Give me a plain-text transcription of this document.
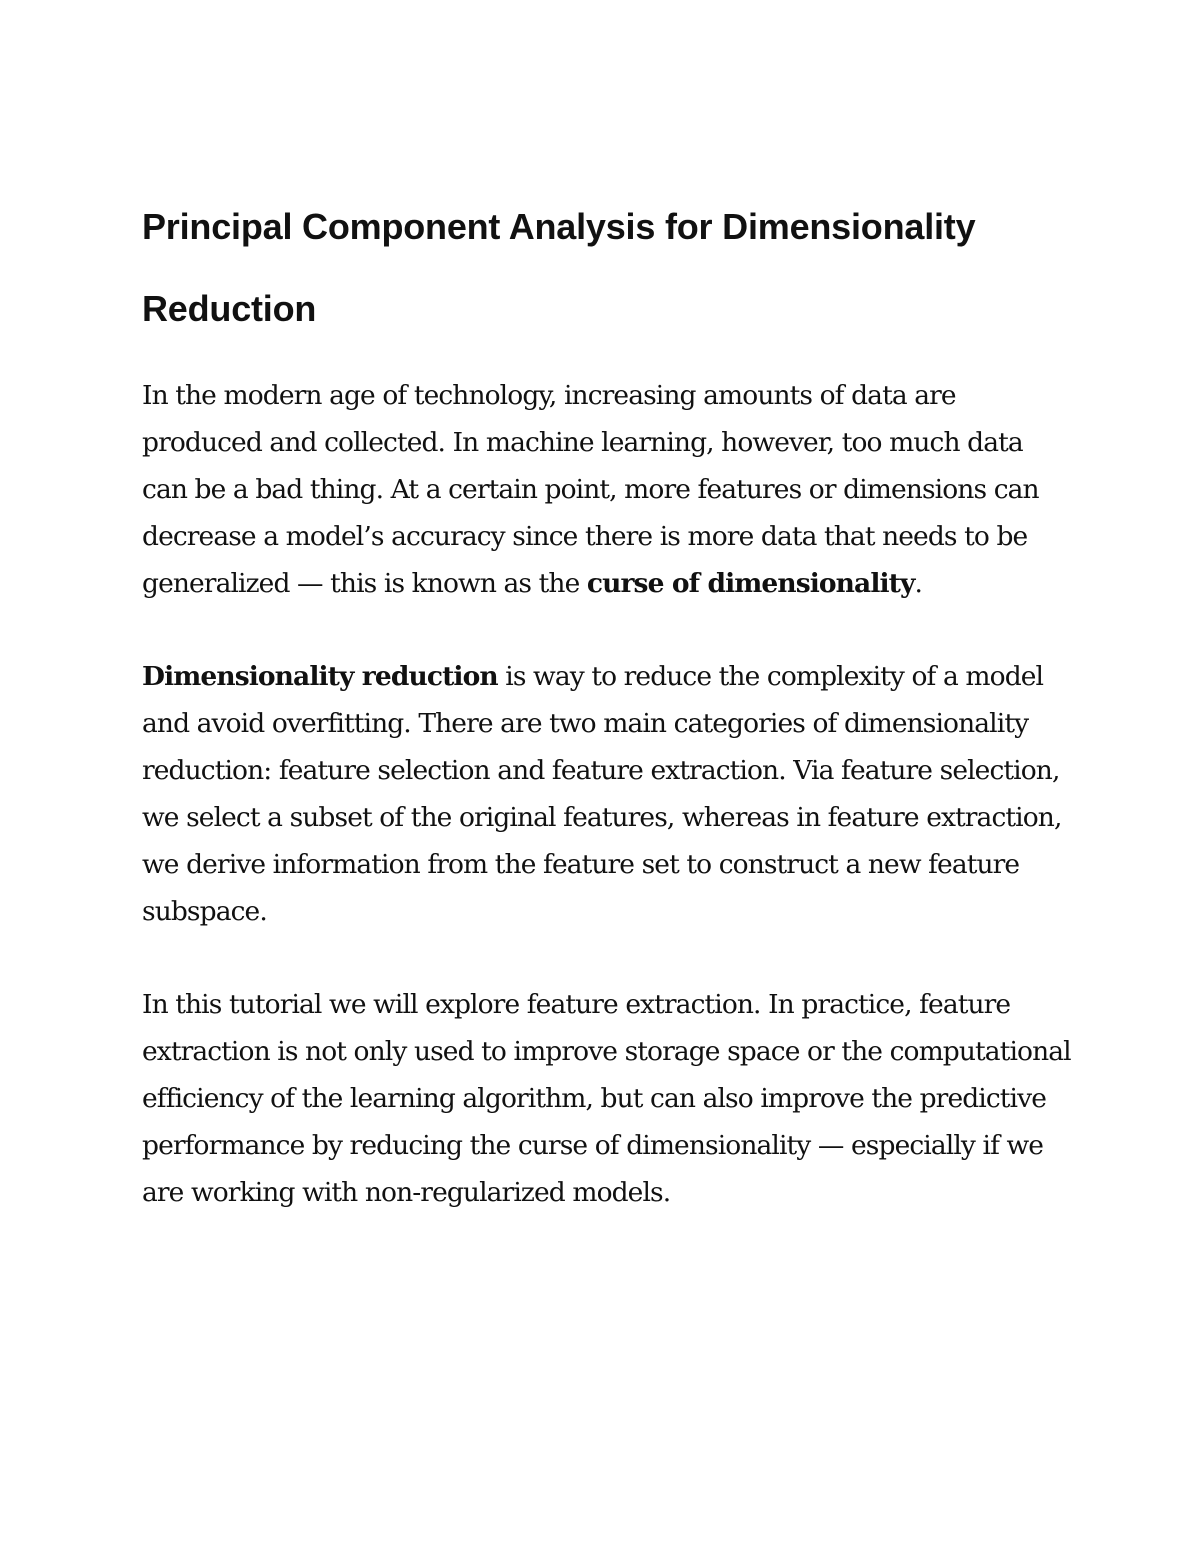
Principal Component Analysis for Dimensionality Reduction

In the modern age of technology, increasing amounts of data are produced and collected. In machine learning, however, too much data can be a bad thing. At a certain point, more features or dimensions can decrease a model’s accuracy since there is more data that needs to be generalized — this is known as the curse of dimensionality.

Dimensionality reduction is way to reduce the complexity of a model and avoid overfitting. There are two main categories of dimensionality reduction: feature selection and feature extraction. Via feature selection, we select a subset of the original features, whereas in feature extraction, we derive information from the feature set to construct a new feature subspace.

In this tutorial we will explore feature extraction. In practice, feature extraction is not only used to improve storage space or the computational efficiency of the learning algorithm, but can also improve the predictive performance by reducing the curse of dimensionality — especially if we are working with non-regularized models.
